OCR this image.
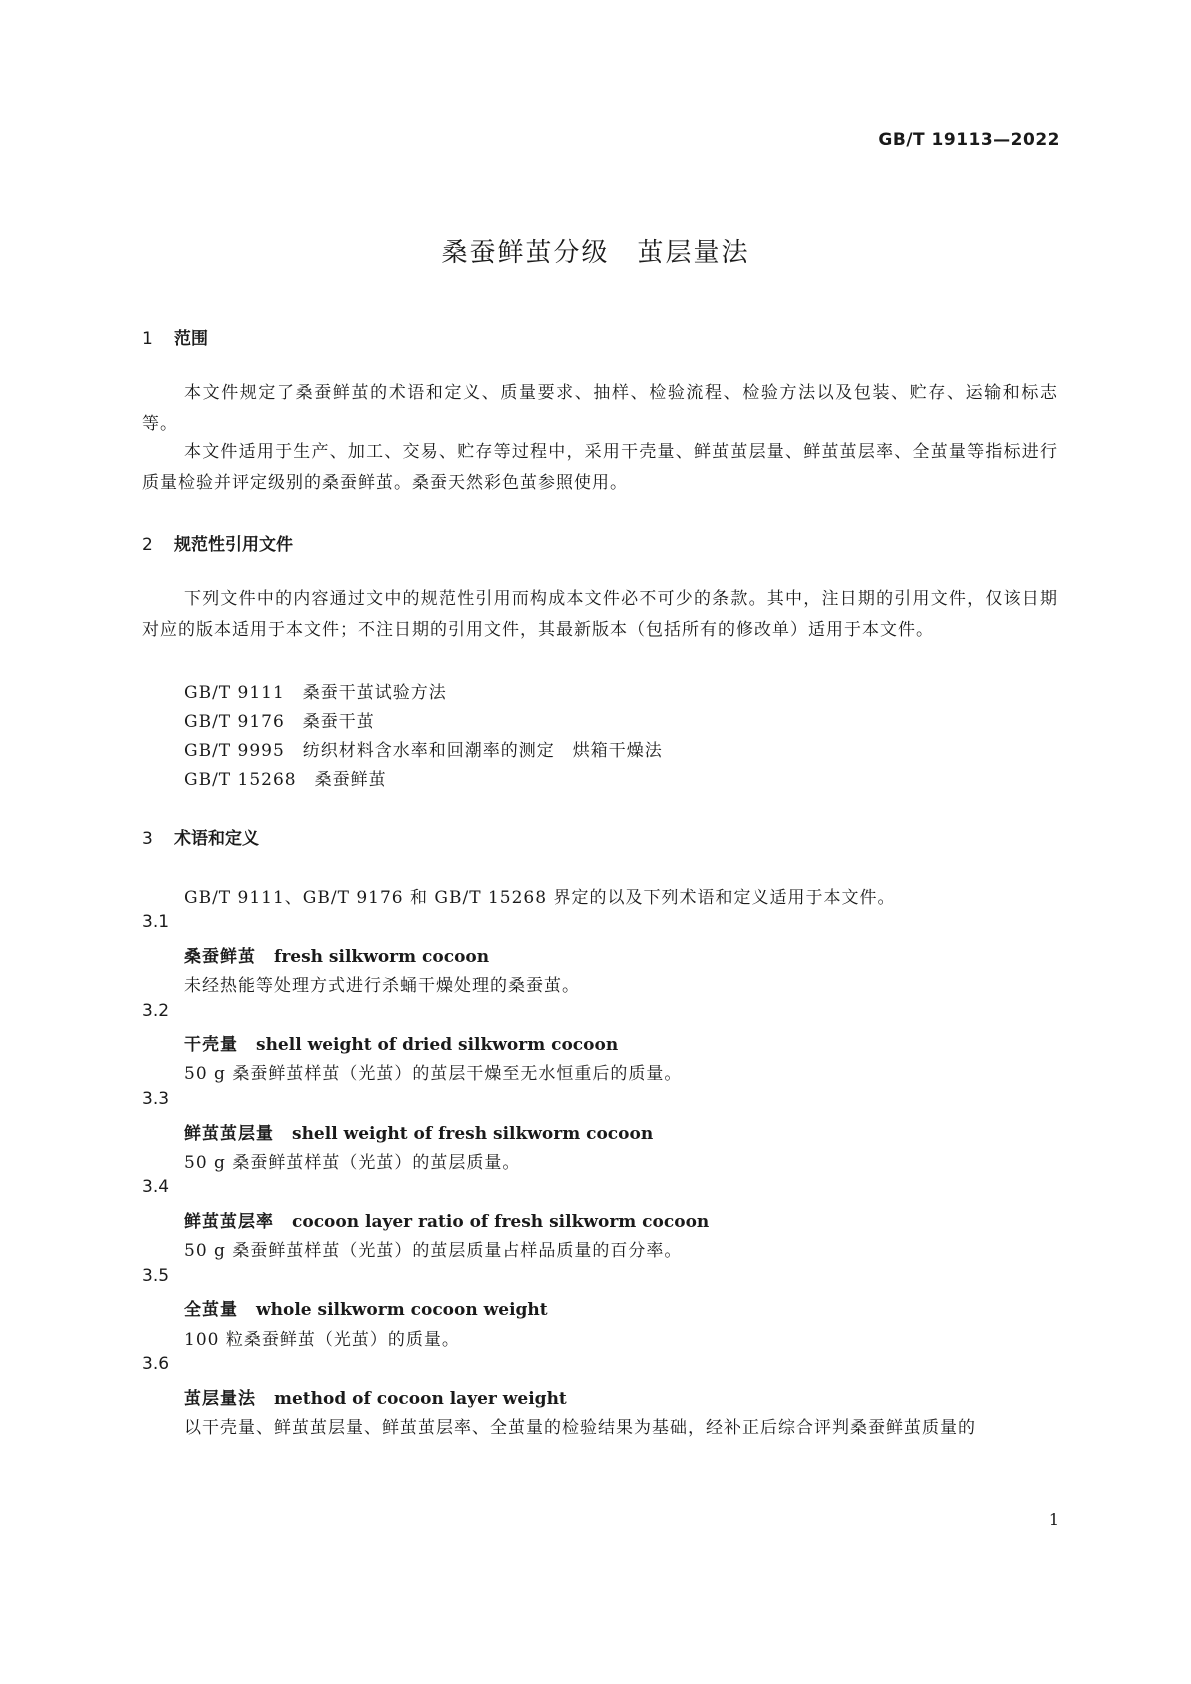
GB/T 19113—2022
桑蚕鲜茧分级　茧层量法
1 范围
本文件规定了桑蚕鲜茧的术语和定义、质量要求、抽样、检验流程、检验方法以及包装、贮存、运输和标志等。
本文件适用于生产、加工、交易、贮存等过程中，采用干壳量、鲜茧茧层量、鲜茧茧层率、全茧量等指标进行质量检验并评定级别的桑蚕鲜茧。桑蚕天然彩色茧参照使用。
2 规范性引用文件
下列文件中的内容通过文中的规范性引用而构成本文件必不可少的条款。其中，注日期的引用文件，仅该日期对应的版本适用于本文件；不注日期的引用文件，其最新版本（包括所有的修改单）适用于本文件。
GB/T 9111　桑蚕干茧试验方法
GB/T 9176　桑蚕干茧
GB/T 9995　纺织材料含水率和回潮率的测定　烘箱干燥法
GB/T 15268　桑蚕鲜茧
3 术语和定义
GB/T 9111、GB/T 9176 和 GB/T 15268 界定的以及下列术语和定义适用于本文件。
3.1
桑蚕鲜茧 fresh silkworm cocoon
未经热能等处理方式进行杀蛹干燥处理的桑蚕茧。
3.2
干壳量 shell weight of dried silkworm cocoon
50 g 桑蚕鲜茧样茧（光茧）的茧层干燥至无水恒重后的质量。
3.3
鲜茧茧层量 shell weight of fresh silkworm cocoon
50 g 桑蚕鲜茧样茧（光茧）的茧层质量。
3.4
鲜茧茧层率 cocoon layer ratio of fresh silkworm cocoon
50 g 桑蚕鲜茧样茧（光茧）的茧层质量占样品质量的百分率。
3.5
全茧量 whole silkworm cocoon weight
100 粒桑蚕鲜茧（光茧）的质量。
3.6
茧层量法 method of cocoon layer weight
以干壳量、鲜茧茧层量、鲜茧茧层率、全茧量的检验结果为基础，经补正后综合评判桑蚕鲜茧质量的
1
